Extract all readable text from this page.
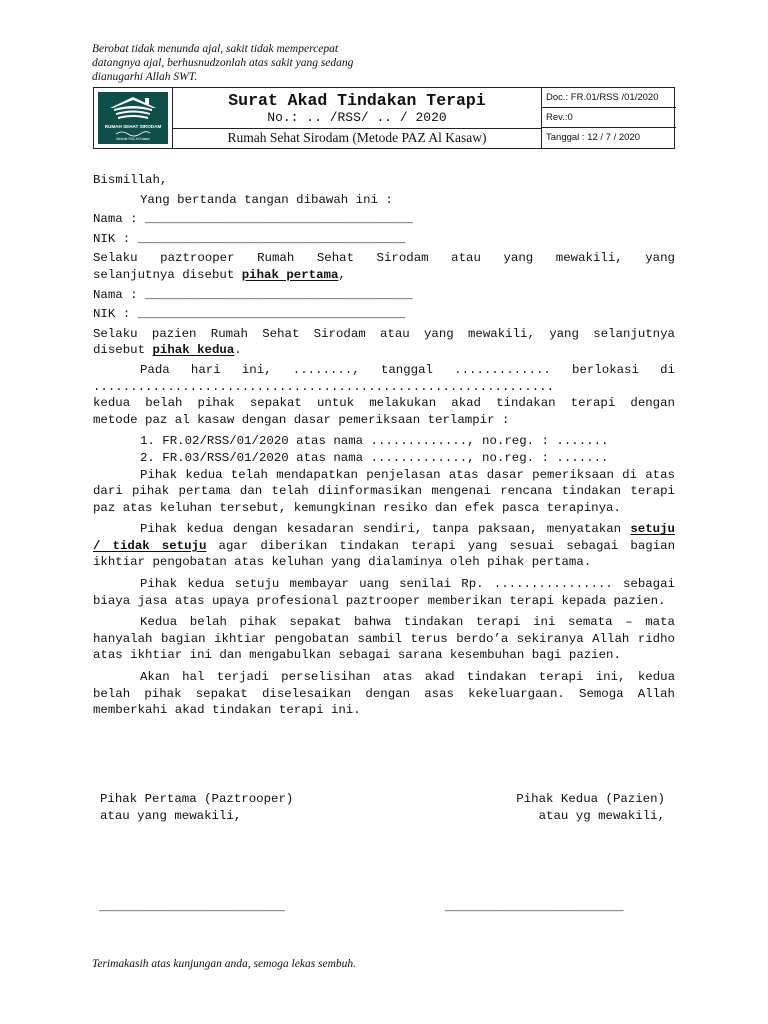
Berobat tidak menunda ajal, sakit tidak mempercepat
datangnya ajal, berhusnudzonlah atas sakit yang sedang
dianugarhi Allah SWT.
RUMAH SEHAT SIRODAM
Metode PAZ Al Kasaw
Surat Akad Tindakan Terapi
No.: .. /RSS/ .. / 2020
Rumah Sehat Sirodam (Metode PAZ Al Kasaw)
Doc.: FR.01/RSS /01/2020
Rev.:0
Tanggal : 12 / 7 / 2020

Bismillah,

Yang bertanda tangan dibawah ini :

Nama : ____________________________________

NIK : ____________________________________

Selaku paztrooper Rumah Sehat Sirodam atau yang mewakili, yang

selanjutnya disebut pihak pertama,

Nama : ____________________________________

NIK : ____________________________________

Selaku pazien Rumah Sehat Sirodam atau yang mewakili, yang selanjutnya

disebut pihak kedua.

Pada hari ini, ........, tanggal ............. berlokasi di

..............................................................

kedua belah pihak sepakat untuk melakukan akad tindakan terapi dengan

metode paz al kasaw dengan dasar pemeriksaan terlampir :

1. FR.02/RSS/01/2020 atas nama ............., no.reg. : .......

2. FR.03/RSS/01/2020 atas nama ............., no.reg. : .......

Pihak kedua telah mendapatkan penjelasan atas dasar pemeriksaan di atas dari pihak pertama dan telah diinformasikan mengenai rencana tindakan terapi paz atas keluhan tersebut, kemungkinan resiko dan efek pasca terapinya.

Pihak kedua dengan kesadaran sendiri, tanpa paksaan, menyatakan setuju / tidak setuju agar diberikan tindakan terapi yang sesuai sebagai bagian ikhtiar pengobatan atas keluhan yang dialaminya oleh pihak pertama.

Pihak kedua setuju membayar uang senilai Rp. ................ sebagai biaya jasa atas upaya profesional paztrooper memberikan terapi kepada pazien.

Kedua belah pihak sepakat bahwa tindakan terapi ini semata – mata hanyalah bagian ikhtiar pengobatan sambil terus berdo’a sekiranya Allah ridho atas ikhtiar ini dan mengabulkan sebagai sarana kesembuhan bagi pazien.

Akan hal terjadi perselisihan atas akad tindakan terapi ini, kedua belah pihak sepakat diselesaikan dengan asas kekeluargaan. Semoga Allah memberkahi akad tindakan terapi ini.

Pihak Pertama (Paztrooper)
atau yang mewakili,
Pihak Kedua (Pazien)
atau yg mewakili,
_________________________	________________________
Terimakasih atas kunjungan anda, semoga lekas sembuh.
